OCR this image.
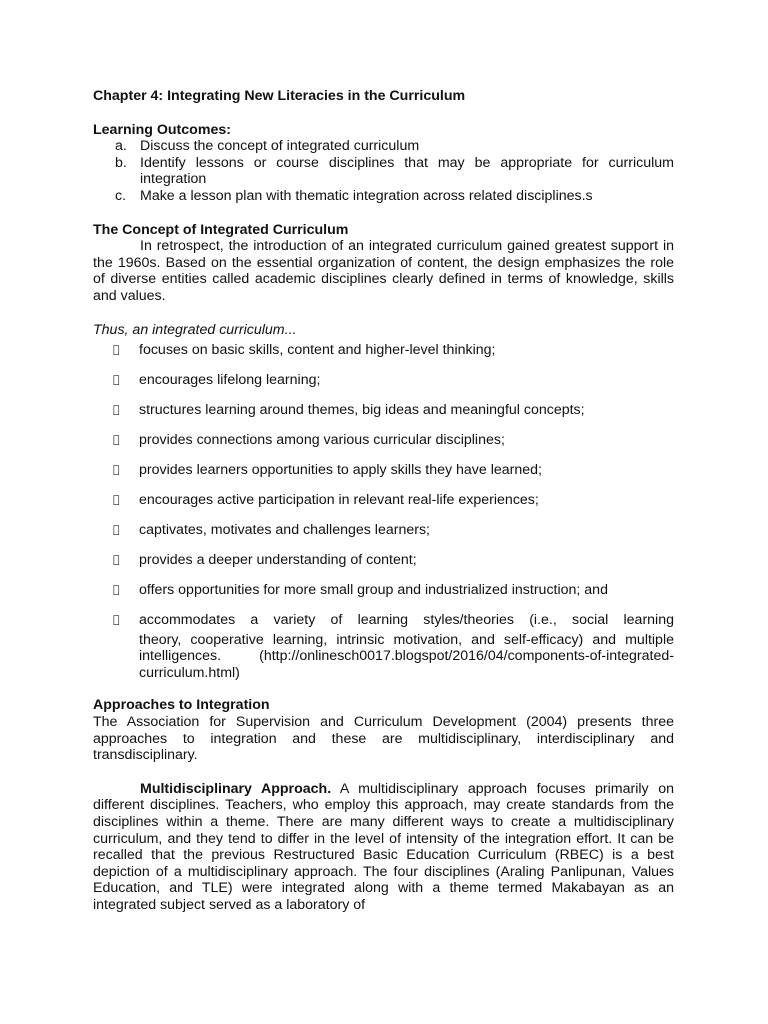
Chapter 4: Integrating New Literacies in the Curriculum
Learning Outcomes:
a. Discuss the concept of integrated curriculum
b. Identify lessons or course disciplines that may be appropriate for curriculum integration
c. Make a lesson plan with thematic integration across related disciplines.s
The Concept of Integrated Curriculum

In retrospect, the introduction of an integrated curriculum gained greatest support in the 1960s. Based on the essential organization of content, the design emphasizes the role of diverse entities called academic disciplines clearly defined in terms of knowledge, skills and values.

Thus, an integrated curriculum...

focuses on basic skills, content and higher-level thinking;
encourages lifelong learning;
structures learning around themes, big ideas and meaningful concepts;
provides connections among various curricular disciplines;
provides learners opportunities to apply skills they have learned;
encourages active participation in relevant real-life experiences;
captivates, motivates and challenges learners;
provides a deeper understanding of content;
offers opportunities for more small group and industrialized instruction; and
accommodates a variety of learning styles/theories (i.e., social learning
theory, cooperative learning, intrinsic motivation, and self-efficacy) and multiple intelligences. (http://onlinesch0017.blogspot/2016/04/components-of-integrated-curriculum.html)
Approaches to Integration

The Association for Supervision and Curriculum Development (2004) presents three approaches to integration and these are multidisciplinary, interdisciplinary and transdisciplinary.

Multidisciplinary Approach. A multidisciplinary approach focuses primarily on different disciplines. Teachers, who employ this approach, may create standards from the disciplines within a theme. There are many different ways to create a multidisciplinary curriculum, and they tend to differ in the level of intensity of the integration effort. It can be recalled that the previous Restructured Basic Education Curriculum (RBEC) is a best depiction of a multidisciplinary approach. The four disciplines (Araling Panlipunan, Values Education, and TLE) were integrated along with a theme termed Makabayan as an integrated subject served as a laboratory of
